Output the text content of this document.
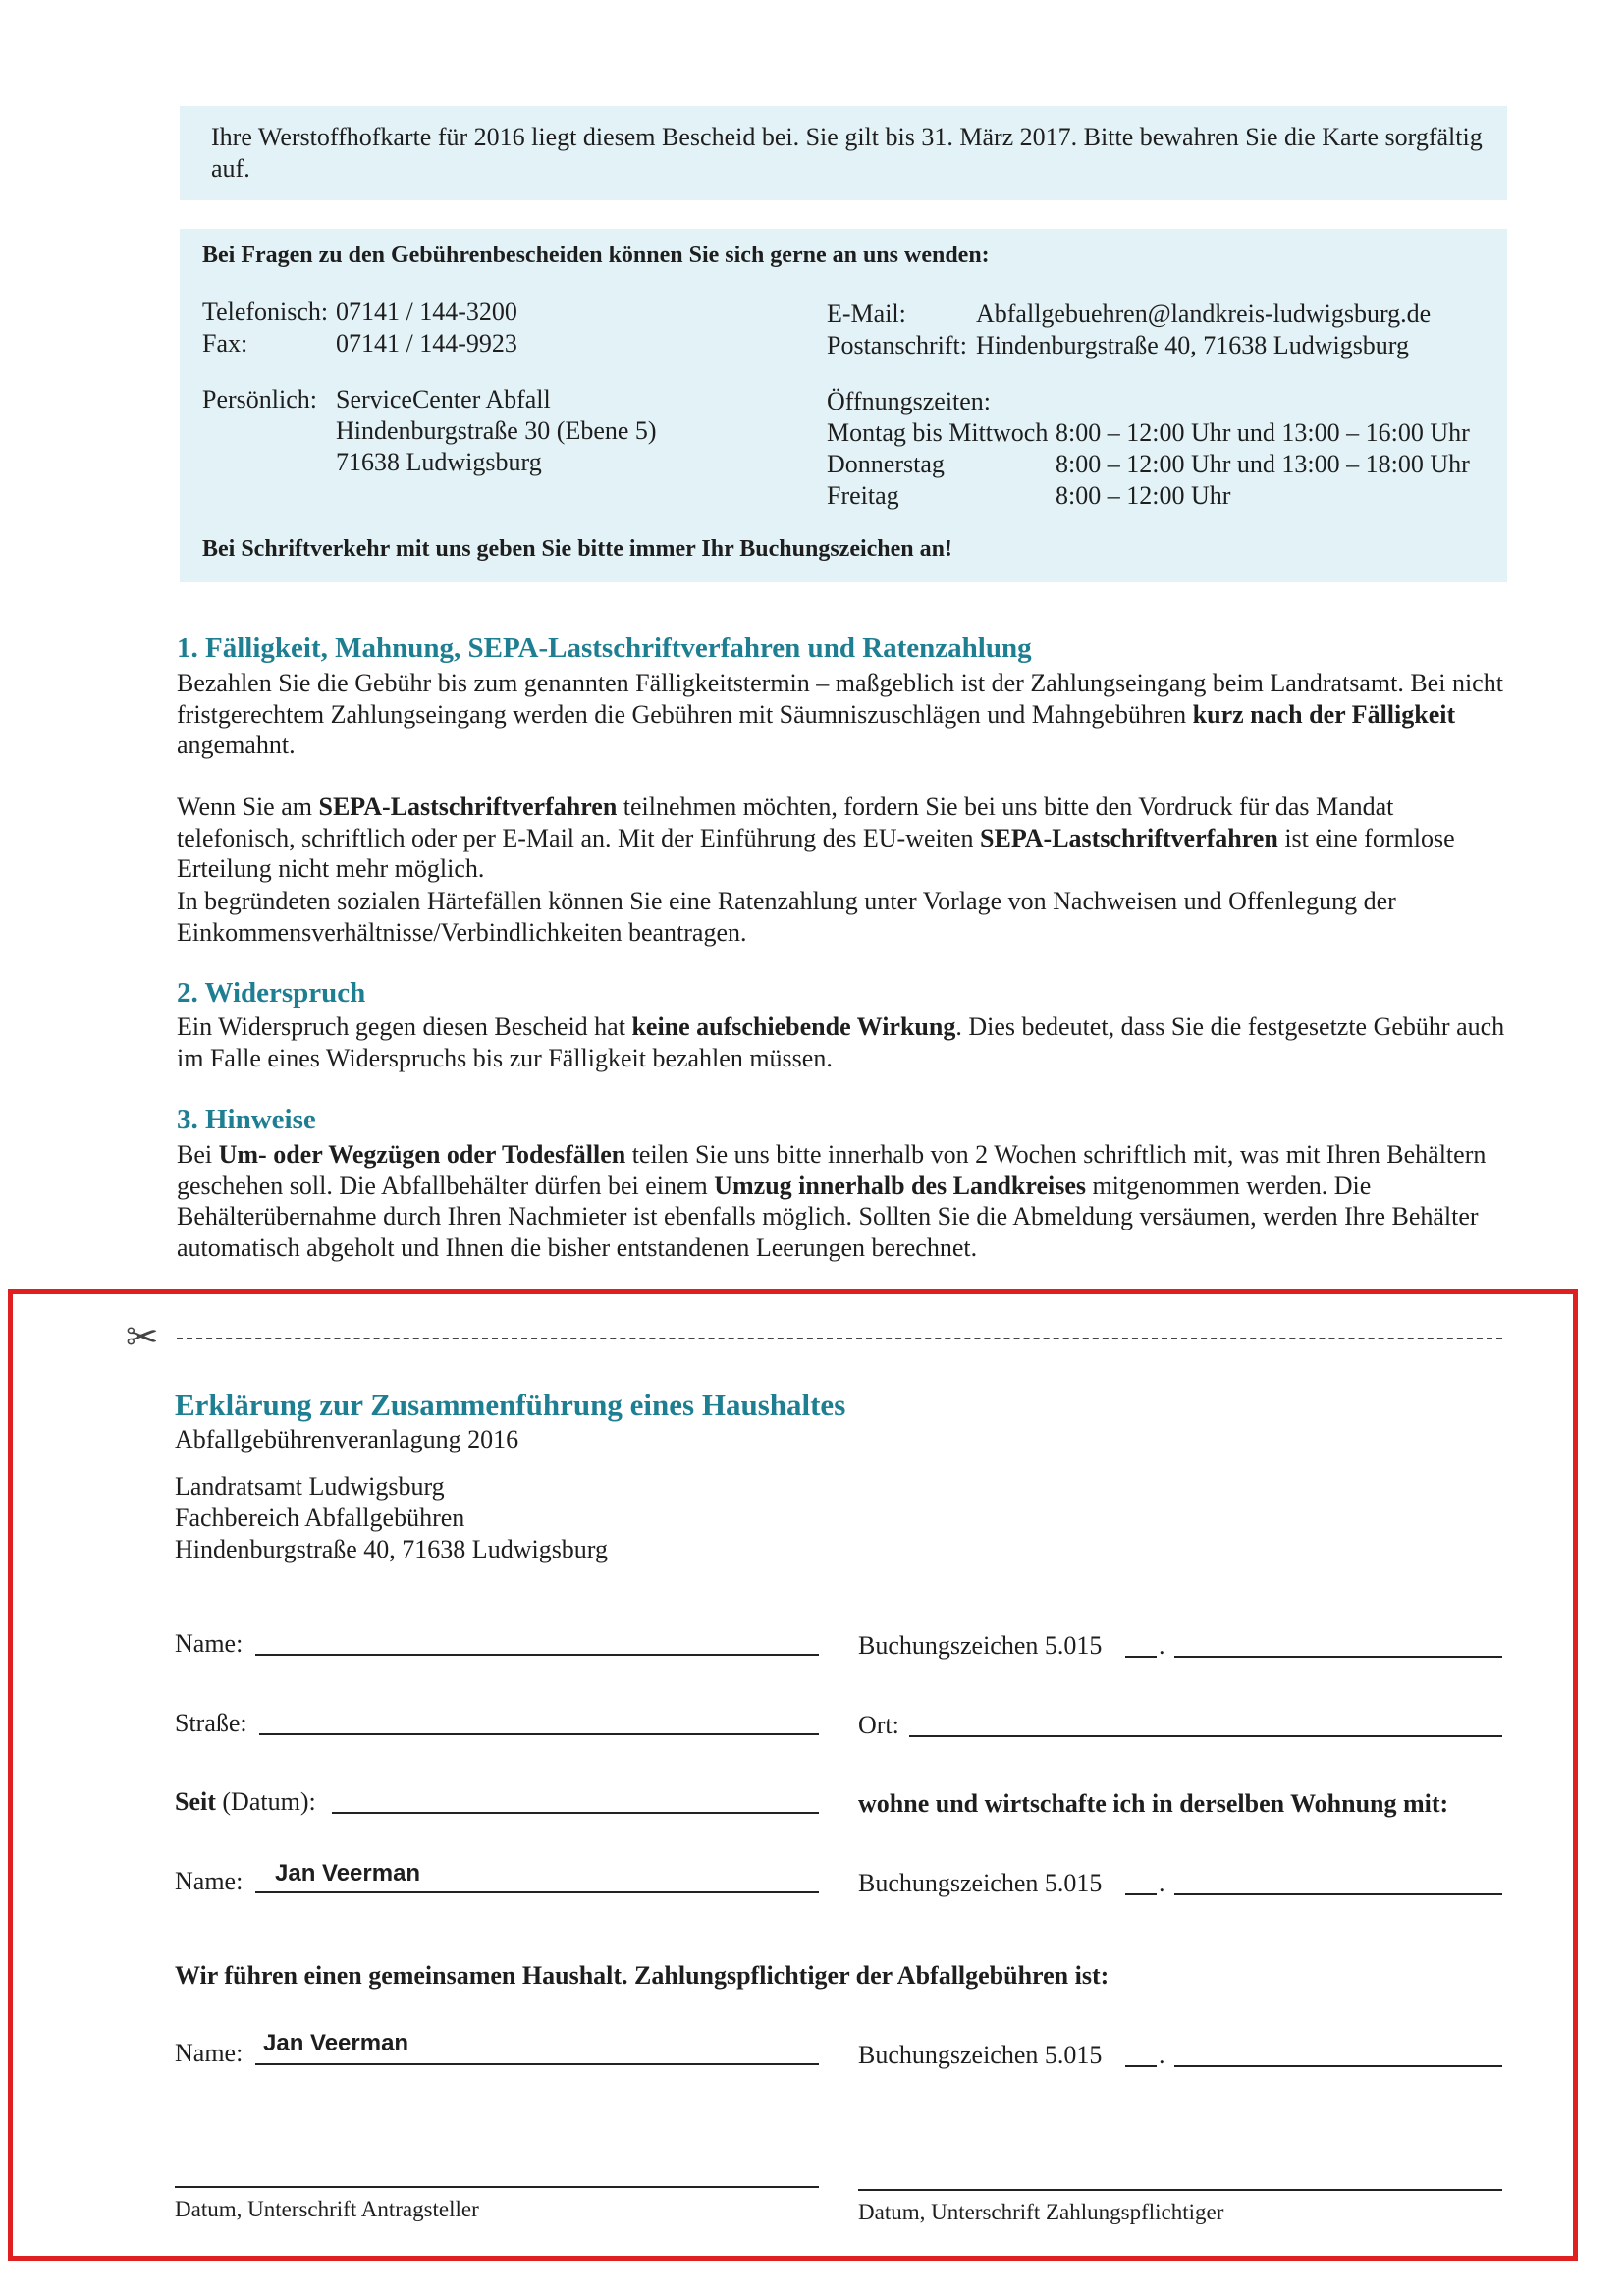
Ihre Werstoffhofkarte für 2016 liegt diesem Bescheid bei. Sie gilt bis 31. März 2017. Bitte bewahren Sie die Karte sorgfältig auf.

Bei Fragen zu den Gebührenbescheiden können Sie sich gerne an uns wenden:

Telefonisch: 07141 / 144-3200
Fax:	07141 / 144-9923
E-Mail:	Abfallgebuehren@landkreis-ludwigsburg.de
Postanschrift: Hindenburgstraße 40, 71638 Ludwigsburg
Persönlich: ServiceCenter Abfall
Hindenburgstraße 30 (Ebene 5)
71638 Ludwigsburg
Öffnungszeiten:
Montag bis Mittwoch 8:00 – 12:00 Uhr und 13:00 – 16:00 Uhr
Donnerstag	8:00 – 12:00 Uhr und 13:00 – 18:00 Uhr
Freitag	8:00 – 12:00 Uhr

Bei Schriftverkehr mit uns geben Sie bitte immer Ihr Buchungszeichen an!

1. Fälligkeit, Mahnung, SEPA-Lastschriftverfahren und Ratenzahlung

Bezahlen Sie die Gebühr bis zum genannten Fälligkeitstermin – maßgeblich ist der Zahlungseingang beim Landratsamt. Bei nicht fristgerechtem Zahlungseingang werden die Gebühren mit Säumniszuschlägen und Mahngebühren kurz nach der Fälligkeit angemahnt.

Wenn Sie am SEPA-Lastschriftverfahren teilnehmen möchten, fordern Sie bei uns bitte den Vordruck für das Mandat telefonisch, schriftlich oder per E-Mail an. Mit der Einführung des EU-weiten SEPA-Lastschriftverfahren ist eine formlose Erteilung nicht mehr möglich.

In begründeten sozialen Härtefällen können Sie eine Ratenzahlung unter Vorlage von Nachweisen und Offenlegung der Einkommensverhältnisse/Verbindlichkeiten beantragen.

2. Widerspruch

Ein Widerspruch gegen diesen Bescheid hat keine aufschiebende Wirkung. Dies bedeutet, dass Sie die festgesetzte Gebühr auch im Falle eines Widerspruchs bis zur Fälligkeit bezahlen müssen.

3. Hinweise

Bei Um- oder Wegzügen oder Todesfällen teilen Sie uns bitte innerhalb von 2 Wochen schriftlich mit, was mit Ihren Behältern geschehen soll. Die Abfallbehälter dürfen bei einem Umzug innerhalb des Landkreises mitgenommen werden. Die Behälterübernahme durch Ihren Nachmieter ist ebenfalls möglich. Sollten Sie die Abmeldung versäumen, werden Ihre Behälter automatisch abgeholt und Ihnen die bisher entstandenen Leerungen berechnet.

✂

Erklärung zur Zusammenführung eines Haushaltes

Abfallgebührenveranlagung 2016

Landratsamt Ludwigsburg

Fachbereich Abfallgebühren

Hindenburgstraße 40, 71638 Ludwigsburg

Name:	Buchungszeichen 5.015 .
Straße:	Ort:
Seit (Datum):	wohne und wirtschafte ich in derselben Wohnung mit:
Name: Jan Veerman	Buchungszeichen 5.015 .

Wir führen einen gemeinsamen Haushalt. Zahlungspflichtiger der Abfallgebühren ist:

Name: Jan Veerman	Buchungszeichen 5.015 .
Datum, Unterschrift Antragsteller	Datum, Unterschrift Zahlungspflichtiger
